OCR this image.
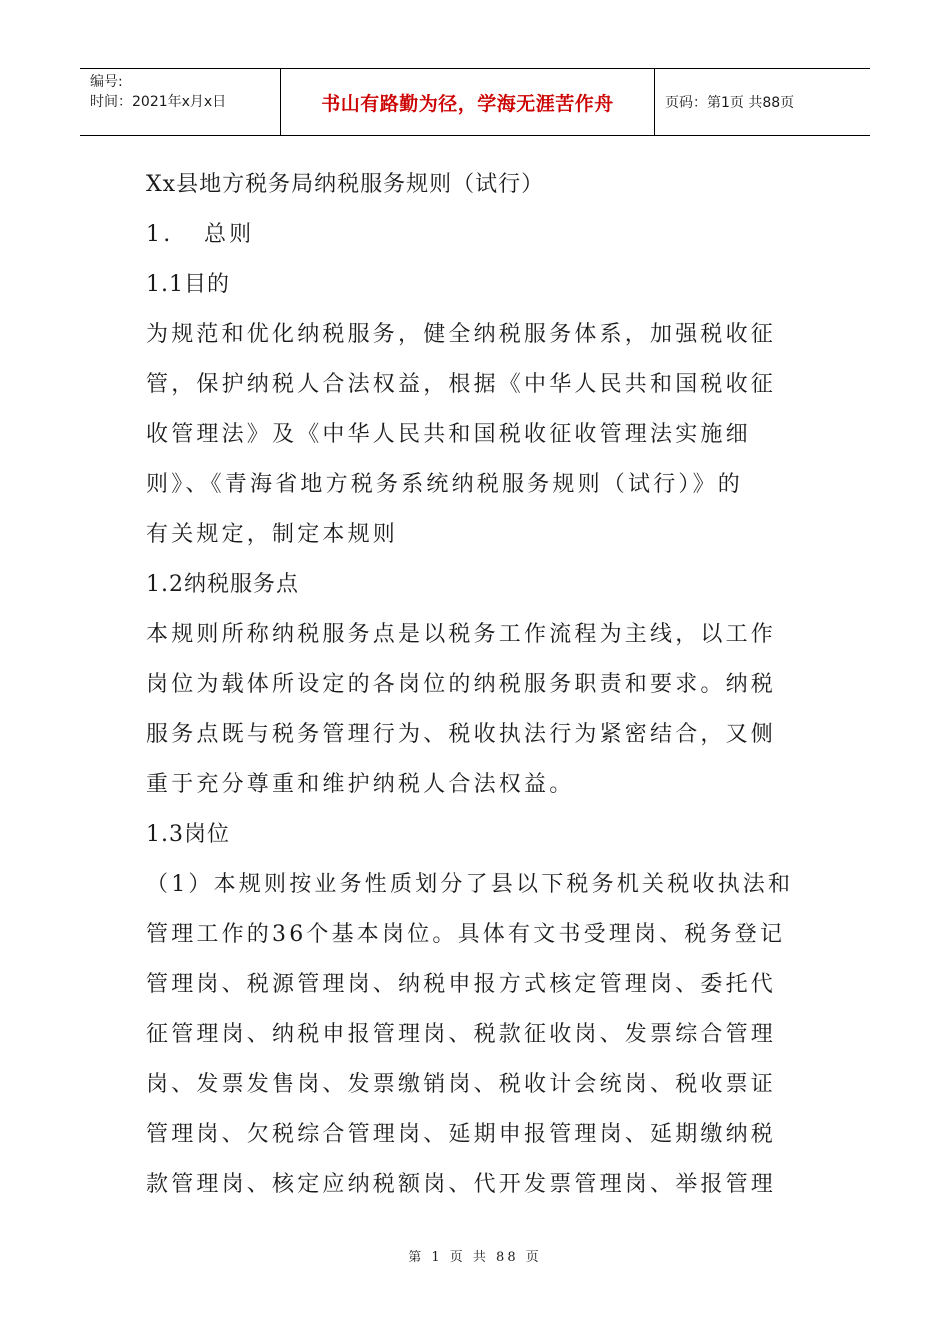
编号:
时间：2021年x月x日	书山有路勤为径，学海无涯苦作舟	页码：第1页 共88页
Xx县地方税务局纳税服务规则（试行）
1.   总则
1.1目的
为规范和优化纳税服务，健全纳税服务体系，加强税收征
管，保护纳税人合法权益，根据《中华人民共和国税收征
收管理法》及《中华人民共和国税收征收管理法实施细
则》、《青海省地方税务系统纳税服务规则（试行）》的
有关规定，制定本规则
1.2纳税服务点
本规则所称纳税服务点是以税务工作流程为主线，以工作
岗位为载体所设定的各岗位的纳税服务职责和要求。纳税
服务点既与税务管理行为、税收执法行为紧密结合，又侧
重于充分尊重和维护纳税人合法权益。
1.3岗位
（1）本规则按业务性质划分了县以下税务机关税收执法和
管理工作的36个基本岗位。具体有文书受理岗、税务登记
管理岗、税源管理岗、纳税申报方式核定管理岗、委托代
征管理岗、纳税申报管理岗、税款征收岗、发票综合管理
岗、发票发售岗、发票缴销岗、税收计会统岗、税收票证
管理岗、欠税综合管理岗、延期申报管理岗、延期缴纳税
款管理岗、核定应纳税额岗、代开发票管理岗、举报管理
第 1 页 共 88 页
